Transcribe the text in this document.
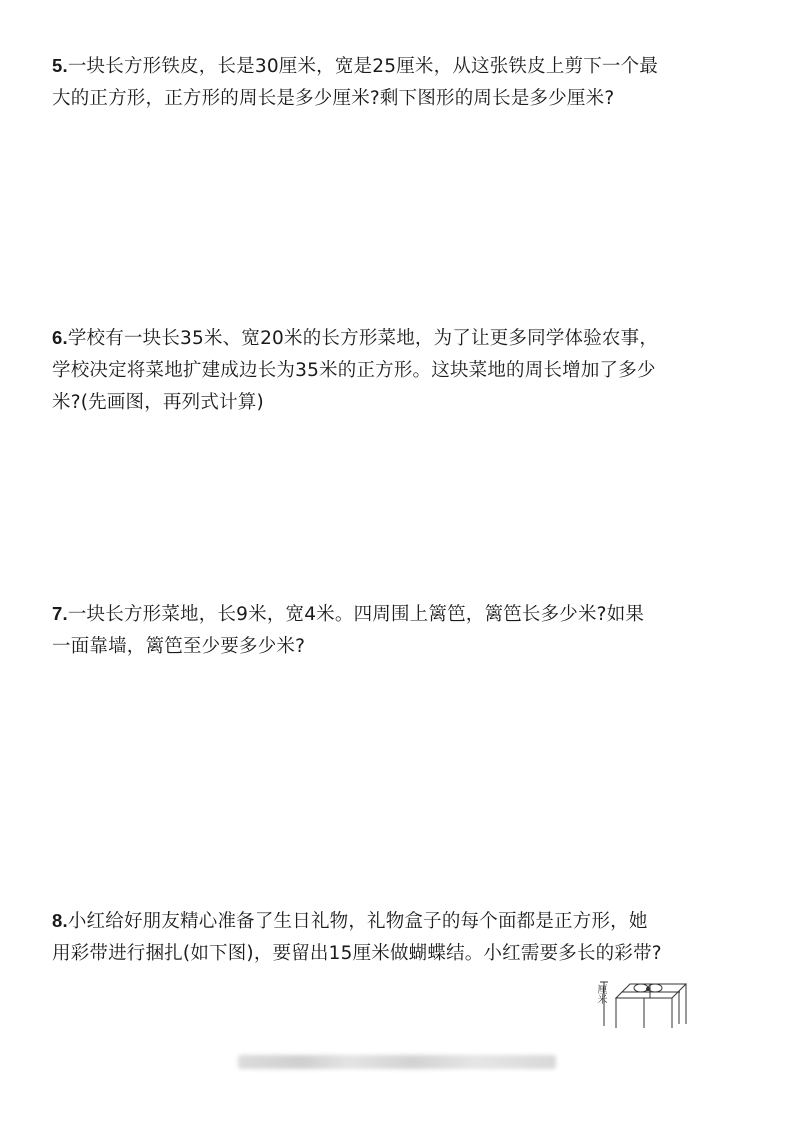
5.一块长方形铁皮，长是30厘米，宽是25厘米，从这张铁皮上剪下一个最
大的正方形，正方形的周长是多少厘米?剩下图形的周长是多少厘米?
6.学校有一块长35米、宽20米的长方形菜地，为了让更多同学体验农事，
学校决定将菜地扩建成边长为35米的正方形。这块菜地的周长增加了多少
米?(先画图，再列式计算)
7.一块长方形菜地，长9米，宽4米。四周围上篱笆，篱笆长多少米?如果
一面靠墙，篱笆至少要多少米?
8.小红给好朋友精心准备了生日礼物，礼物盒子的每个面都是正方形，她
用彩带进行捆扎(如下图)，要留出15厘米做蝴蝶结。小红需要多长的彩带?
厘米
